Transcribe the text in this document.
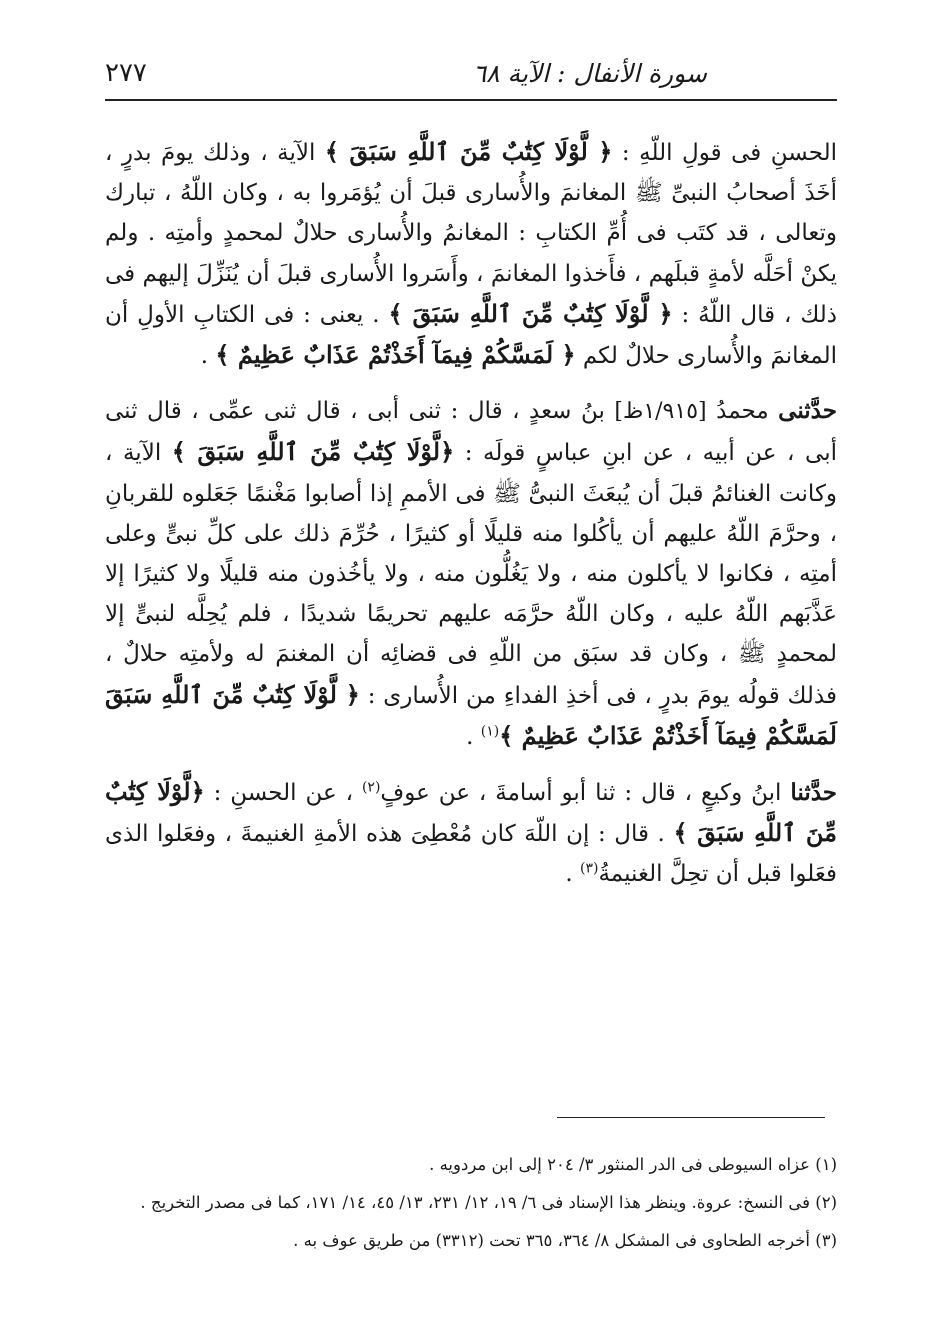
سورة الأنفال : الآية ٦٨
٢٧٧

الحسنِ فى قولِ اللّهِ : ﴿ لَّوْلَا كِتَٰبٌ مِّنَ ٱللَّهِ سَبَقَ ﴾ الآية ، وذلك يومَ بدرٍ ، أخَذَ أصحابُ النبىِّ ﷺ المغانمَ والأُسارى قبلَ أن يُؤمَروا به ، وكان اللّهُ ، تبارك وتعالى ، قد كتَب فى أُمِّ الكتابِ : المغانمُ والأُسارى حلالٌ لمحمدٍ وأمتِه . ولم يكنْ أحَلَّه لأمةٍ قبلَهم ، فأَخذوا المغانمَ ، وأَسَروا الأُسارى قبلَ أن يُنَزِّلَ إليهم فى ذلك ، قال اللّهُ : ﴿ لَّوْلَا كِتَٰبٌ مِّنَ ٱللَّهِ سَبَقَ ﴾ . يعنى : فى الكتابِ الأولِ أن المغانمَ والأُسارى حلالٌ لكم ﴿ لَمَسَّكُمْ فِيمَآ أَخَذْتُمْ عَذَابٌ عَظِيمٌ ﴾ .

حدَّثنى محمدُ [١/٩١٥ظ] بنُ سعدٍ ، قال : ثنى أبى ، قال ثنى عمِّى ، قال ثنى أبى ، عن أبيه ، عن ابنِ عباسٍ قولَه : ﴿لَّوْلَا كِتَٰبٌ مِّنَ ٱللَّهِ سَبَقَ ﴾ الآية ، وكانت الغنائمُ قبلَ أن يُبعَثَ النبىُّ ﷺ فى الأممِ إذا أصابوا مَغْنمًا جَعَلوه للقربانِ ، وحرَّمَ اللّهُ عليهم أن يأكُلوا منه قليلًا أو كثيرًا ، حُرِّمَ ذلك على كلِّ نبىٍّ وعلى أمتِه ، فكانوا لا يأكلون منه ، ولا يَغُلُّون منه ، ولا يأخُذون منه قليلًا ولا كثيرًا إلا عَذَّبَهم اللّهُ عليه ، وكان اللّهُ حرَّمَه عليهم تحريمًا شديدًا ، فلم يُحِلَّه لنبىٍّ إلا لمحمدٍ ﷺ ، وكان قد سبَق من اللّهِ فى قضائِه أن المغنمَ له ولأمتِه حلالٌ ، فذلك قولُه يومَ بدرٍ ، فى أخذِ الفداءِ من الأُسارى : ﴿ لَّوْلَا كِتَٰبٌ مِّنَ ٱللَّهِ سَبَقَ لَمَسَّكُمْ فِيمَآ أَخَذْتُمْ عَذَابٌ عَظِيمٌ ﴾$^{(١)}$ .

حدَّثنا ابنُ وكيعٍ ، قال : ثنا أبو أسامةَ ، عن عوفٍ$^{(٢)}$ ، عن الحسنِ : ﴿لَّوْلَا كِتَٰبٌ مِّنَ ٱللَّهِ سَبَقَ ﴾ . قال : إن اللّهَ كان مُعْطِىَ هذه الأمةِ الغنيمةَ ، وفعَلوا الذى فعَلوا قبل أن تحِلَّ الغنيمةُ$^{(٣)}$ .

(١) عزاه السيوطى فى الدر المنثور ٣/ ٢٠٤ إلى ابن مردويه .

(٢) فى النسخ: عروة. وينظر هذا الإسناد فى ٦/ ١٩، ١٢/ ٢٣١، ١٣/ ٤٥، ١٤/ ١٧١، كما فى مصدر التخريج .

(٣) أخرجه الطحاوى فى المشكل ٨/ ٣٦٤، ٣٦٥ تحت (٣٣١٢) من طريق عوف به .
